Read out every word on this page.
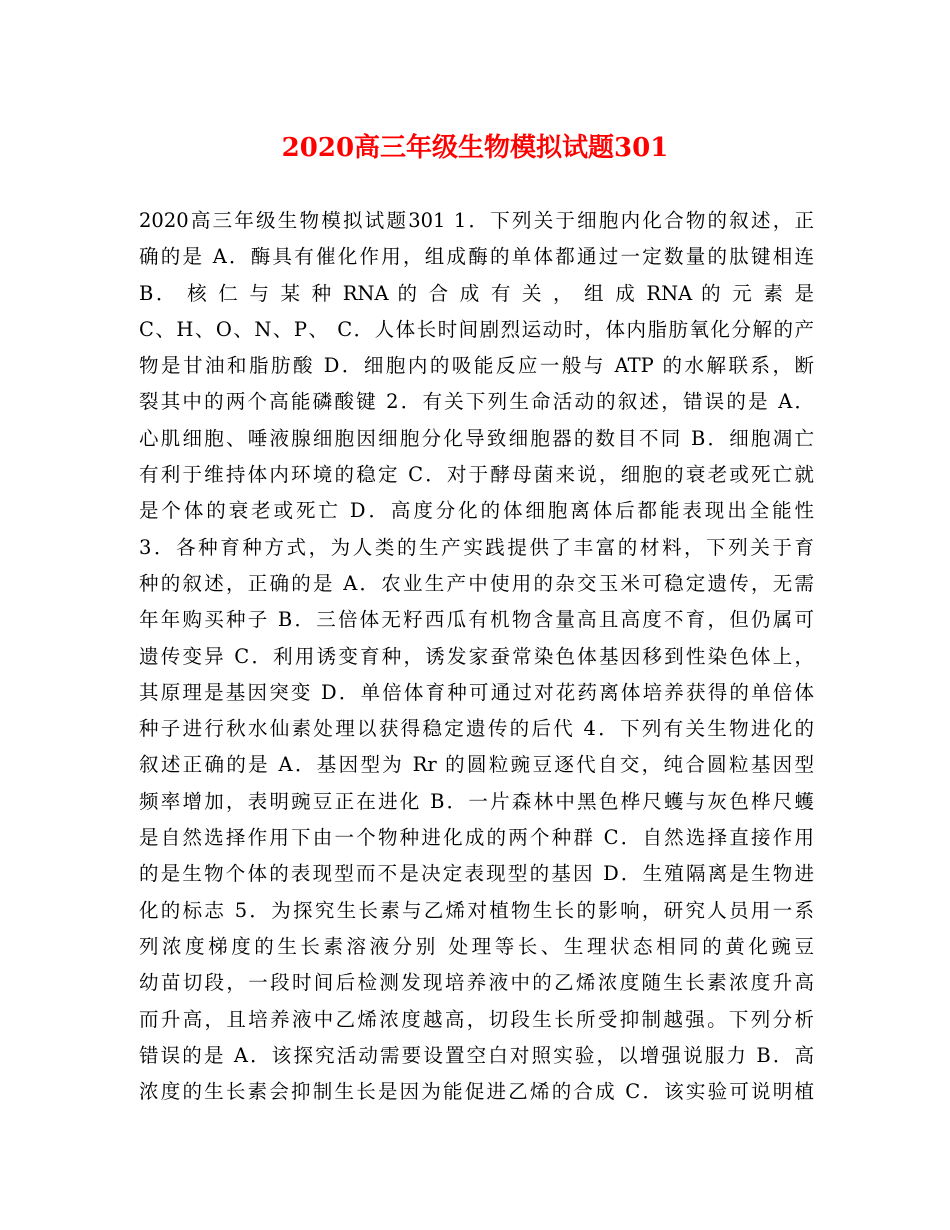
2020高三年级生物模拟试题301
2020高三年级生物模拟试题301 1．下列关于细胞内化合物的叙述，正
确的是 A．酶具有催化作用，组成酶的单体都通过一定数量的肽键相连
B． 核 仁 与 某 种 RNA 的 合 成 有 关 ， 组 成 RNA 的 元 素 是
C、H、O、N、P、 C．人体长时间剧烈运动时，体内脂肪氧化分解的产
物是甘油和脂肪酸 D．细胞内的吸能反应一般与 ATP 的水解联系，断
裂其中的两个高能磷酸键 2．有关下列生命活动的叙述，错误的是 A．
心肌细胞、唾液腺细胞因细胞分化导致细胞器的数目不同 B．细胞凋亡
有利于维持体内环境的稳定 C．对于酵母菌来说，细胞的衰老或死亡就
是个体的衰老或死亡 D．高度分化的体细胞离体后都能表现出全能性
3．各种育种方式，为人类的生产实践提供了丰富的材料，下列关于育
种的叙述，正确的是 A．农业生产中使用的杂交玉米可稳定遗传，无需
年年购买种子 B．三倍体无籽西瓜有机物含量高且高度不育，但仍属可
遗传变异 C．利用诱变育种，诱发家蚕常染色体基因移到性染色体上，
其原理是基因突变 D．单倍体育种可通过对花药离体培养获得的单倍体
种子进行秋水仙素处理以获得稳定遗传的后代 4．下列有关生物进化的
叙述正确的是 A．基因型为 Rr 的圆粒豌豆逐代自交，纯合圆粒基因型
频率增加，表明豌豆正在进化 B．一片森林中黑色桦尺蠖与灰色桦尺蠖
是自然选择作用下由一个物种进化成的两个种群 C．自然选择直接作用
的是生物个体的表现型而不是决定表现型的基因 D．生殖隔离是生物进
化的标志 5．为探究生长素与乙烯对植物生长的影响，研究人员用一系
列浓度梯度的生长素溶液分别 处理等长、生理状态相同的黄化豌豆
幼苗切段，一段时间后检测发现培养液中的乙烯浓度随生长素浓度升高
而升高，且培养液中乙烯浓度越高，切段生长所受抑制越强。下列分析
错误的是 A．该探究活动需要设置空白对照实验，以增强说服力 B．高
浓度的生长素会抑制生长是因为能促进乙烯的合成 C．该实验可说明植
